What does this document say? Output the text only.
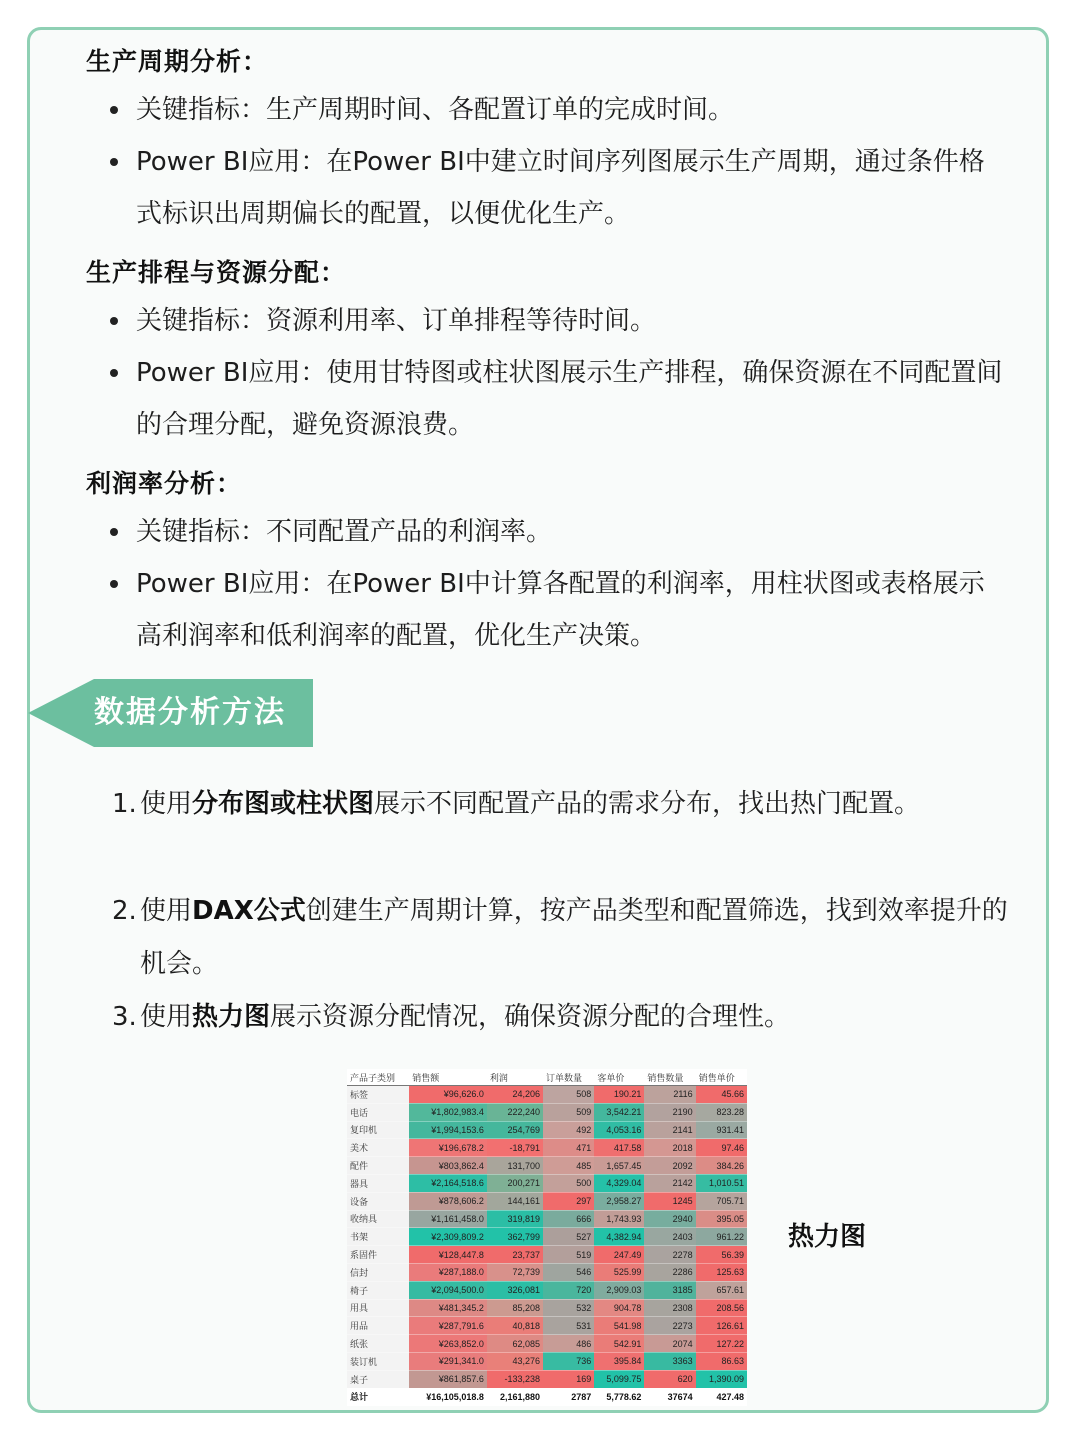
生产周期分析：
关键指标：生产周期时间、各配置订单的完成时间。
Power BI应用：在Power BI中建立时间序列图展示生产周期，通过条件格式标识出周期偏长的配置，以便优化生产。
生产排程与资源分配：
关键指标：资源利用率、订单排程等待时间。
Power BI应用：使用甘特图或柱状图展示生产排程，确保资源在不同配置间的合理分配，避免资源浪费。
利润率分析：
关键指标：不同配置产品的利润率。
Power BI应用：在Power BI中计算各配置的利润率，用柱状图或表格展示高利润率和低利润率的配置，优化生产决策。
数据分析方法
1. 使用分布图或柱状图展示不同配置产品的需求分布，找出热门配置。
2. 使用DAX公式创建生产周期计算，按产品类型和配置筛选，找到效率提升的机会。
3. 使用热力图展示资源分配情况，确保资源分配的合理性。
产品子类别	销售额	利润	订单数量	客单价	销售数量	销售单价
标签	¥96,626.0	24,206	508	190.21	2116	45.66
电话	¥1,802,983.4	222,240	509	3,542.21	2190	823.28
复印机	¥1,994,153.6	254,769	492	4,053.16	2141	931.41
美术	¥196,678.2	-18,791	471	417.58	2018	97.46
配件	¥803,862.4	131,700	485	1,657.45	2092	384.26
器具	¥2,164,518.6	200,271	500	4,329.04	2142	1,010.51
设备	¥878,606.2	144,161	297	2,958.27	1245	705.71
收纳具	¥1,161,458.0	319,819	666	1,743.93	2940	395.05
书架	¥2,309,809.2	362,799	527	4,382.94	2403	961.22
系固件	¥128,447.8	23,737	519	247.49	2278	56.39
信封	¥287,188.0	72,739	546	525.99	2286	125.63
椅子	¥2,094,500.0	326,081	720	2,909.03	3185	657.61
用具	¥481,345.2	85,208	532	904.78	2308	208.56
用品	¥287,791.6	40,818	531	541.98	2273	126.61
纸张	¥263,852.0	62,085	486	542.91	2074	127.22
装订机	¥291,341.0	43,276	736	395.84	3363	86.63
桌子	¥861,857.6	-133,238	169	5,099.75	620	1,390.09
总计	¥16,105,018.8	2,161,880	2787	5,778.62	37674	427.48
热力图
